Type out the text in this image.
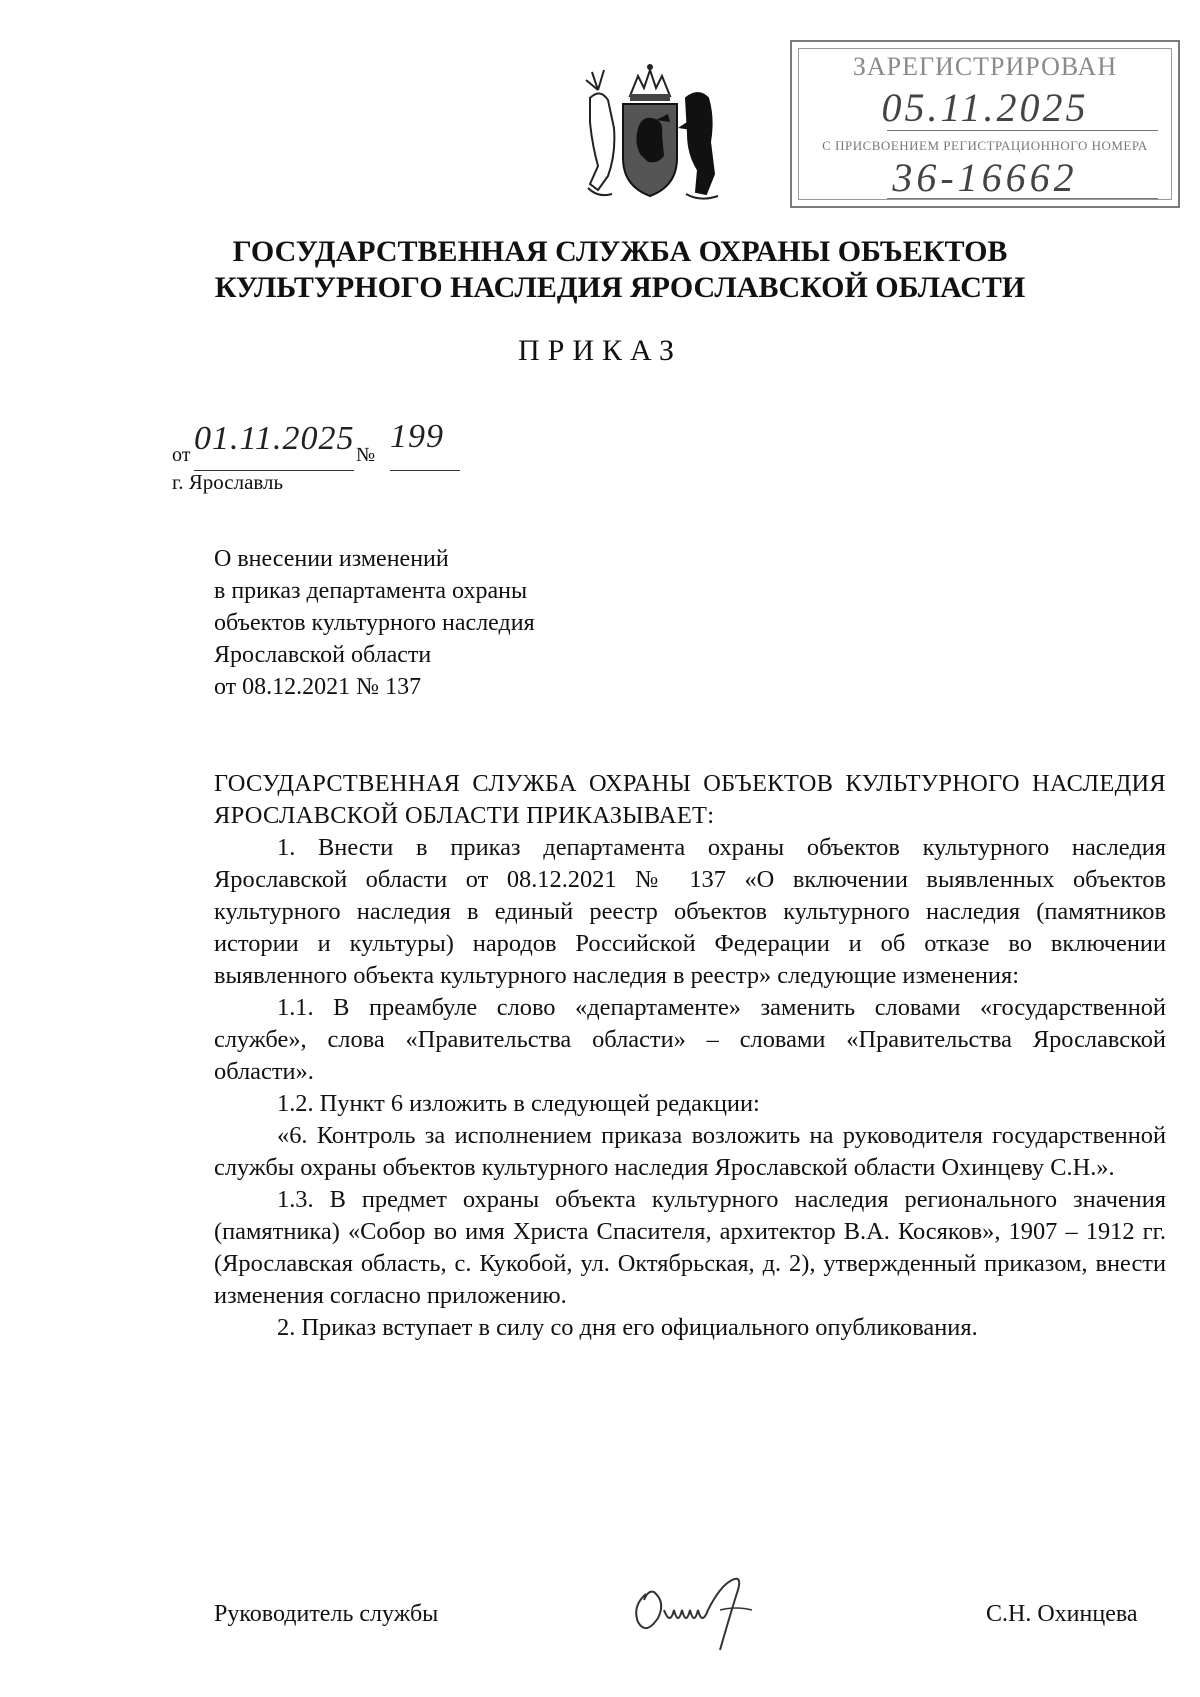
ЗАРЕГИСТРИРОВАН
05.11.2025
С ПРИСВОЕНИЕМ РЕГИСТРАЦИОННОГО НОМЕРА
36-16662
ГОСУДАРСТВЕННАЯ СЛУЖБА ОХРАНЫ ОБЪЕКТОВ
КУЛЬТУРНОГО НАСЛЕДИЯ ЯРОСЛАВСКОЙ ОБЛАСТИ
ПРИКАЗ
от 01.11.2025 № 199
г. Ярославль
О внесении изменений
в приказ департамента охраны
объектов культурного наследия
Ярославской области
от 08.12.2021 № 137

ГОСУДАРСТВЕННАЯ СЛУЖБА ОХРАНЫ ОБЪЕКТОВ КУЛЬТУРНОГО НАСЛЕДИЯ ЯРОСЛАВСКОЙ ОБЛАСТИ ПРИКАЗЫВАЕТ:

1. Внести в приказ департамента охраны объектов культурного наследия Ярославской области от 08.12.2021 № 137 «О включении выявленных объектов культурного наследия в единый реестр объектов культурного наследия (памятников истории и культуры) народов Российской Федерации и об отказе во включении выявленного объекта культурного наследия в реестр» следующие изменения:

1.1. В преамбуле слово «департаменте» заменить словами «государственной службе», слова «Правительства области» – словами «Правительства Ярославской области».

1.2. Пункт 6 изложить в следующей редакции:

«6. Контроль за исполнением приказа возложить на руководителя государственной службы охраны объектов культурного наследия Ярославской области Охинцеву С.Н.».

1.3. В предмет охраны объекта культурного наследия регионального значения (памятника) «Собор во имя Христа Спасителя, архитектор В.А. Косяков», 1907 – 1912 гг. (Ярославская область, с. Кукобой, ул. Октябрьская, д. 2), утвержденный приказом, внести изменения согласно приложению.

2. Приказ вступает в силу со дня его официального опубликования.

Руководитель службы	С.Н. Охинцева
